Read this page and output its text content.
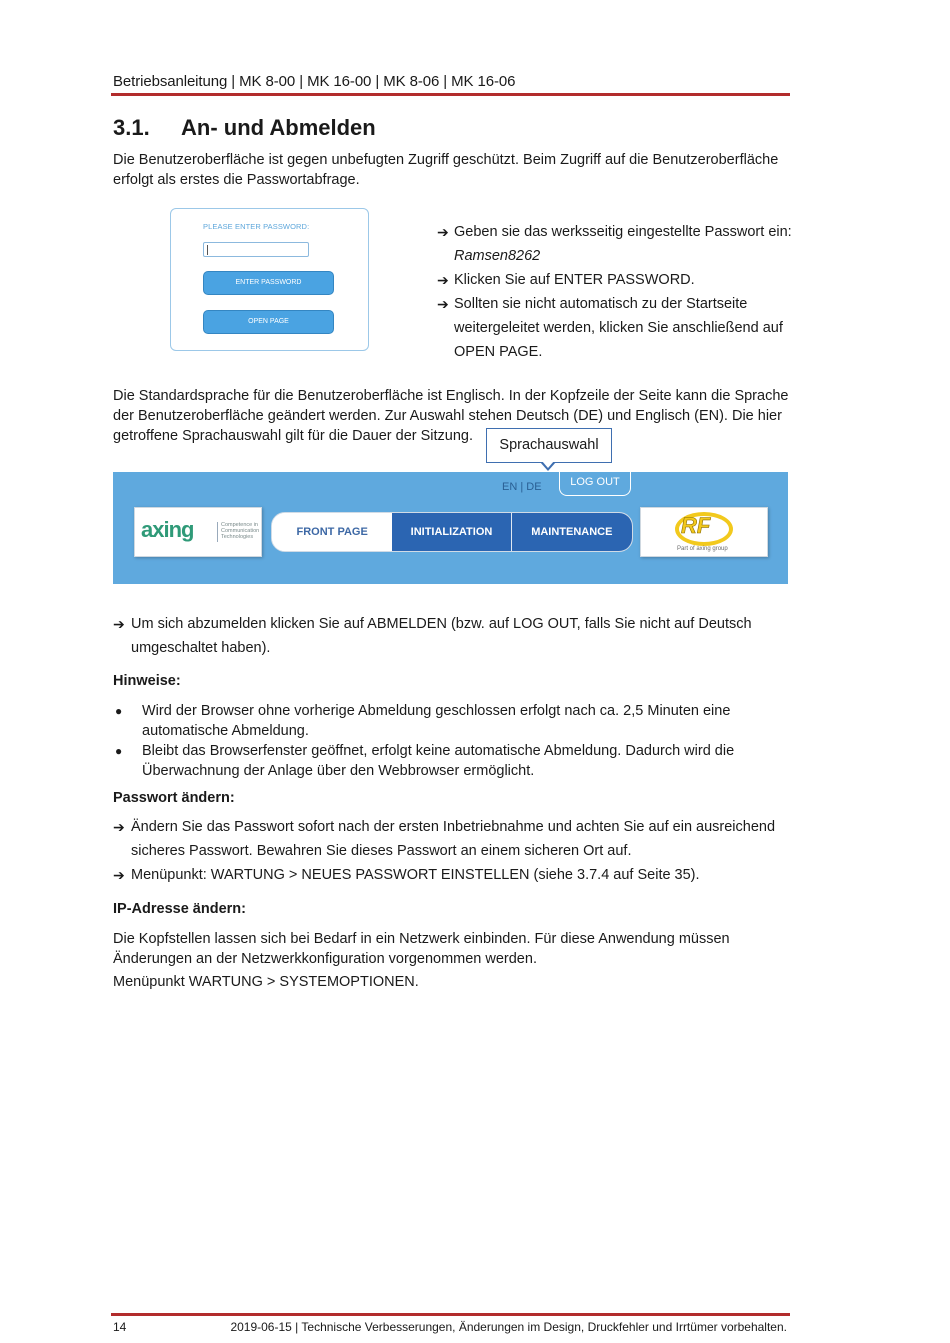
Betriebsanleitung | MK 8-00 | MK 16-00 | MK 8-06 | MK 16-06
3.1. An- und Abmelden
Die Benutzeroberfläche ist gegen unbefugten Zugriff geschützt. Beim Zugriff auf die Benutzeroberfläche erfolgt als erstes die Passwortabfrage.
PLEASE ENTER PASSWORD:
ENTER PASSWORD
OPEN PAGE
➔ Geben sie das werksseitig eingestellte Passwort ein:
Ramsen8262
➔ Klicken Sie auf ENTER PASSWORD.
➔ Sollten sie nicht automatisch zu der Startseite weitergeleitet werden, klicken Sie anschließend auf OPEN PAGE.
Die Standardsprache für die Benutzeroberfläche ist Englisch. In der Kopfzeile der Seite kann die Sprache der Benutzeroberfläche geändert werden. Zur Auswahl stehen Deutsch (DE) und Englisch (EN). Die hier getroffene Sprachauswahl gilt für die Dauer der Sitzung.
Sprachauswahl
EN | DE	LOG OUT
axing	Competence in Communication Technologies	FRONT PAGE	INITIALIZATION	MAINTENANCE	RF
Part of axing group
➔ Um sich abzumelden klicken Sie auf ABMELDEN (bzw. auf LOG OUT, falls Sie nicht auf Deutsch umgeschaltet haben).
Hinweise:
● Wird der Browser ohne vorherige Abmeldung geschlossen erfolgt nach ca. 2,5 Minuten eine automatische Abmeldung.
● Bleibt das Browserfenster geöffnet, erfolgt keine automatische Abmeldung. Dadurch wird die Überwachnung der Anlage über den Webbrowser ermöglicht.
Passwort ändern:
➔ Ändern Sie das Passwort sofort nach der ersten Inbetriebnahme und achten Sie auf ein ausreichend sicheres Passwort. Bewahren Sie dieses Passwort an einem sicheren Ort auf.
➔ Menüpunkt: WARTUNG > NEUES PASSWORT EINSTELLEN (siehe 3.7.4 auf Seite 35).
IP-Adresse ändern:
Die Kopfstellen lassen sich bei Bedarf in ein Netzwerk einbinden. Für diese Anwendung müssen Änderungen an der Netzwerkkonfiguration vorgenommen werden.
Menüpunkt WARTUNG > SYSTEMOPTIONEN.
14	2019-06-15 | Technische Verbesserungen, Änderungen im Design, Druckfehler und Irrtümer vorbehalten.
